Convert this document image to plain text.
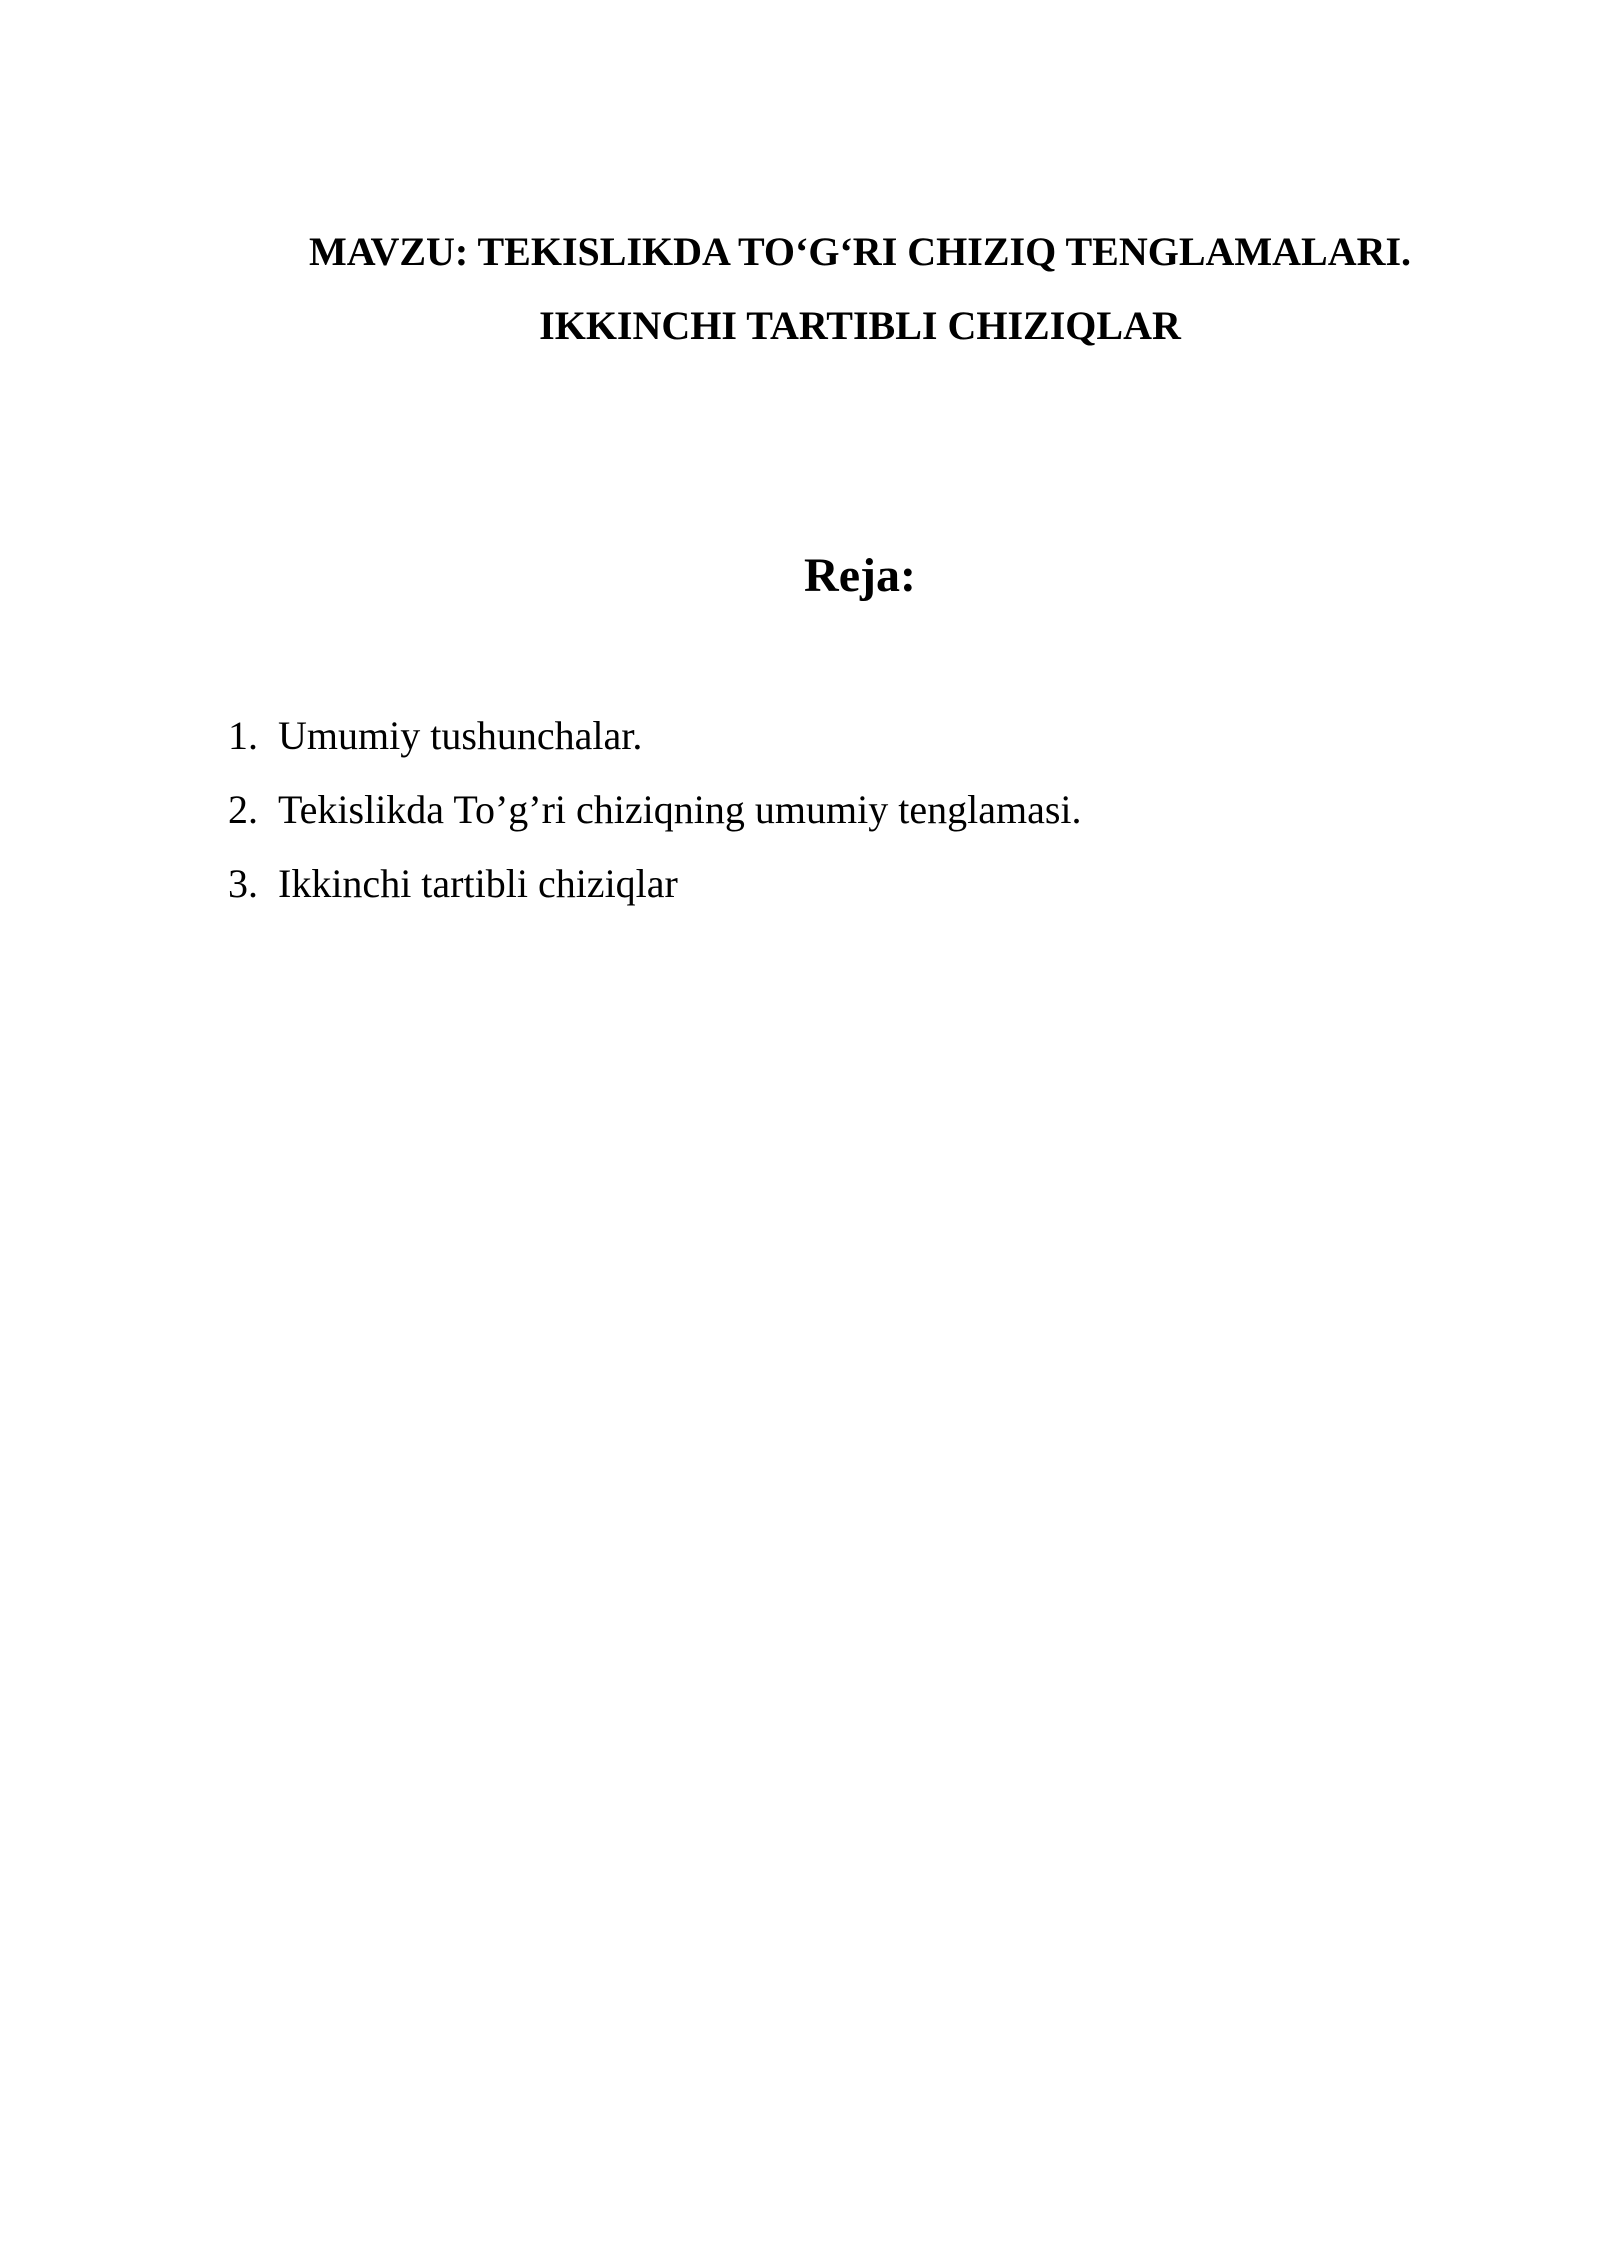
MAVZU: TEKISLIKDA TO‘G‘RI CHIZIQ TENGLAMALARI.
IKKINCHI TARTIBLI CHIZIQLAR
Reja:
1. Umumiy tushunchalar.
2. Tekislikda To’g’ri chiziqning umumiy tenglamasi.
3. Ikkinchi tartibli chiziqlar
